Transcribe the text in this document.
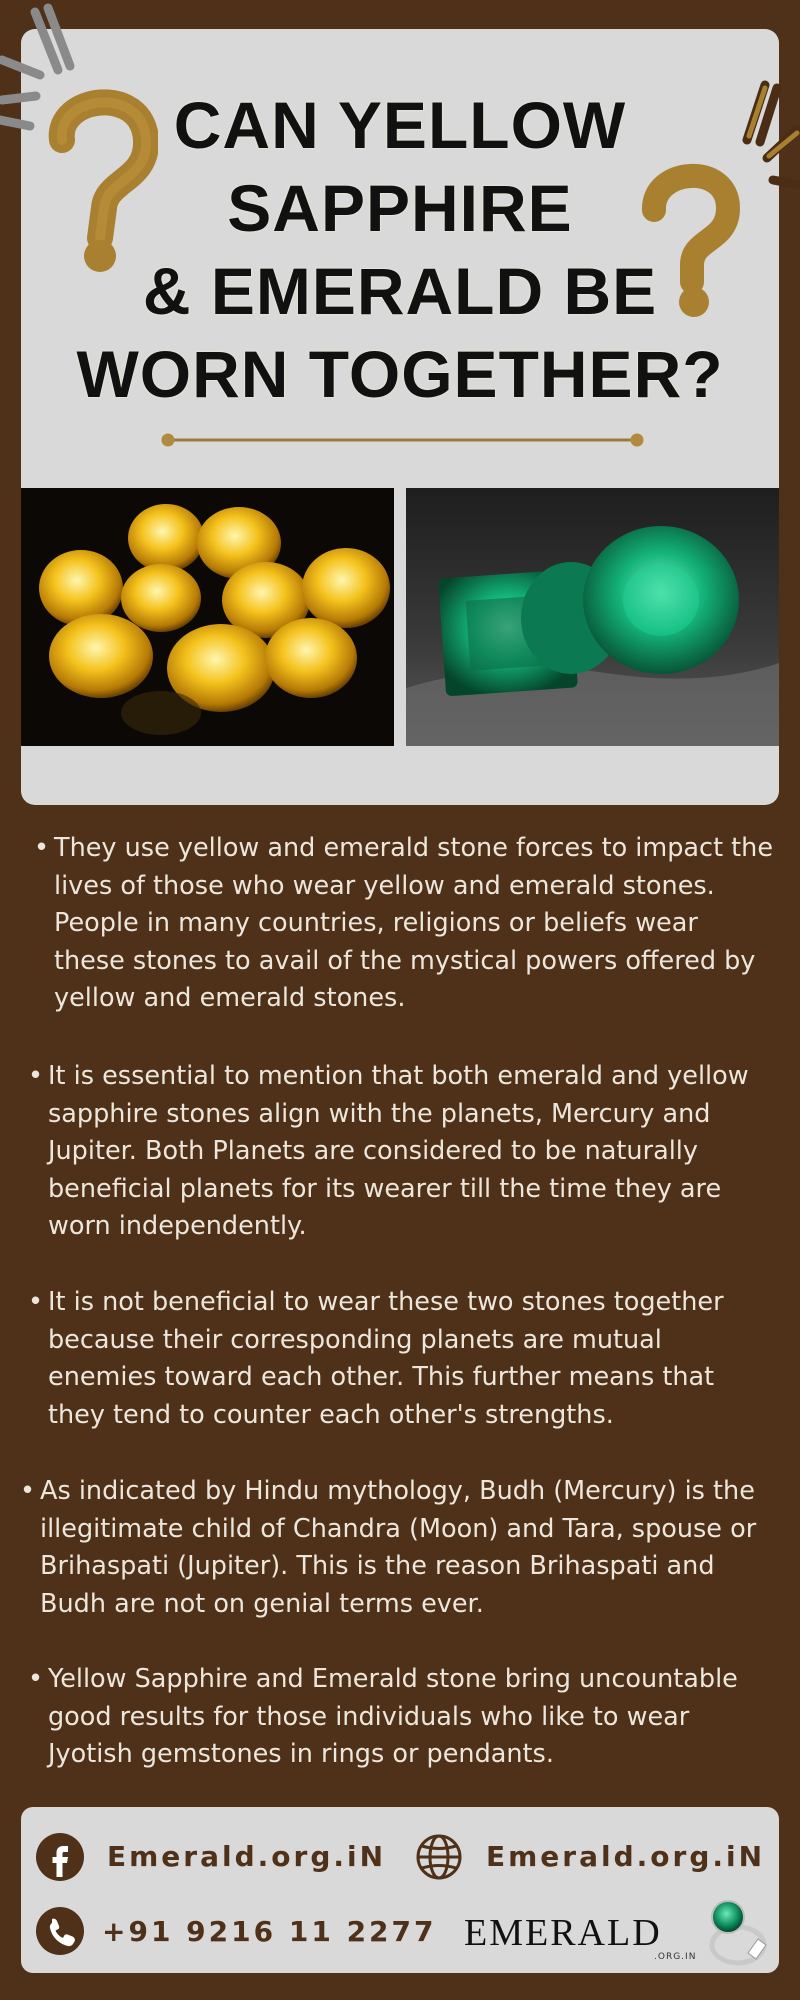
CAN YELLOW
SAPPHIRE
& EMERALD BE
WORN TOGETHER?
• They use yellow and emerald stone forces to impact the lives of those who wear yellow and emerald stones. People in many countries, religions or beliefs wear these stones to avail of the mystical powers offered by yellow and emerald stones.

• It is essential to mention that both emerald and yellow sapphire stones align with the planets, Mercury and Jupiter. Both Planets are considered to be naturally beneficial planets for its wearer till the time they are worn independently.

• It is not beneficial to wear these two stones together because their corresponding planets are mutual enemies toward each other. This further means that they tend to counter each other's strengths.

• As indicated by Hindu mythology, Budh (Mercury) is the illegitimate child of Chandra (Moon) and Tara, spouse or Brihaspati (Jupiter). This is the reason Brihaspati and Budh are not on genial terms ever.

• Yellow Sapphire and Emerald stone bring uncountable good results for those individuals who like to wear Jyotish gemstones in rings or pendants.

Emerald.org.iN	Emerald.org.iN
+91 9216 11 2277 EMERALD
.ORG.IN
